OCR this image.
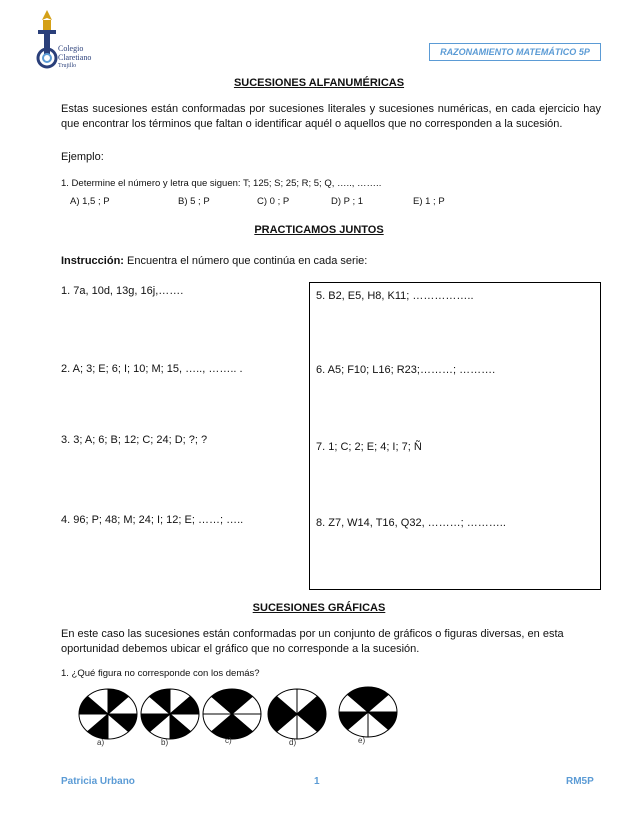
Colegio
Claretiano
Trujillo
RAZONAMIENTO MATEMÁTICO 5P
SUCESIONES ALFANUMÉRICAS
Estas sucesiones están conformadas por sucesiones literales y sucesiones numéricas, en cada ejercicio hay que encontrar los términos que faltan o identificar aquél o aquellos que no corresponden a la sucesión.
Ejemplo:
1. Determine el número y letra que siguen: T; 125; S; 25; R; 5; Q, ….., ……..
A) 1,5 ; P	B) 5 ; P	C) 0 ; P	D) P ; 1	E) 1 ; P
PRACTICAMOS JUNTOS
Instrucción: Encuentra el número que continúa en cada serie:
1. 7a, 10d, 13g, 16j,…….
2. A; 3; E; 6; I; 10; M; 15, ….., …….. .
3. 3; A; 6; B; 12; C; 24; D; ?; ?
4. 96; P; 48; M; 24; I; 12; E; ……; …..
5. B2, E5, H8, K11; ……………..
6. A5; F10; L16; R23;………; ……….
7. 1; C; 2; E; 4; I; 7; Ñ
8. Z7, W14, T16, Q32, ………; ………..
SUCESIONES GRÁFICAS
En este caso las sucesiones están conformadas por un conjunto de gráficos o figuras diversas, en esta oportunidad debemos ubicar el gráfico que no corresponde a la sucesión.
1. ¿Qué figura no corresponde con los demás?
a)	b)	c)	d)	e)
Patricia Urbano	1	RM5P
